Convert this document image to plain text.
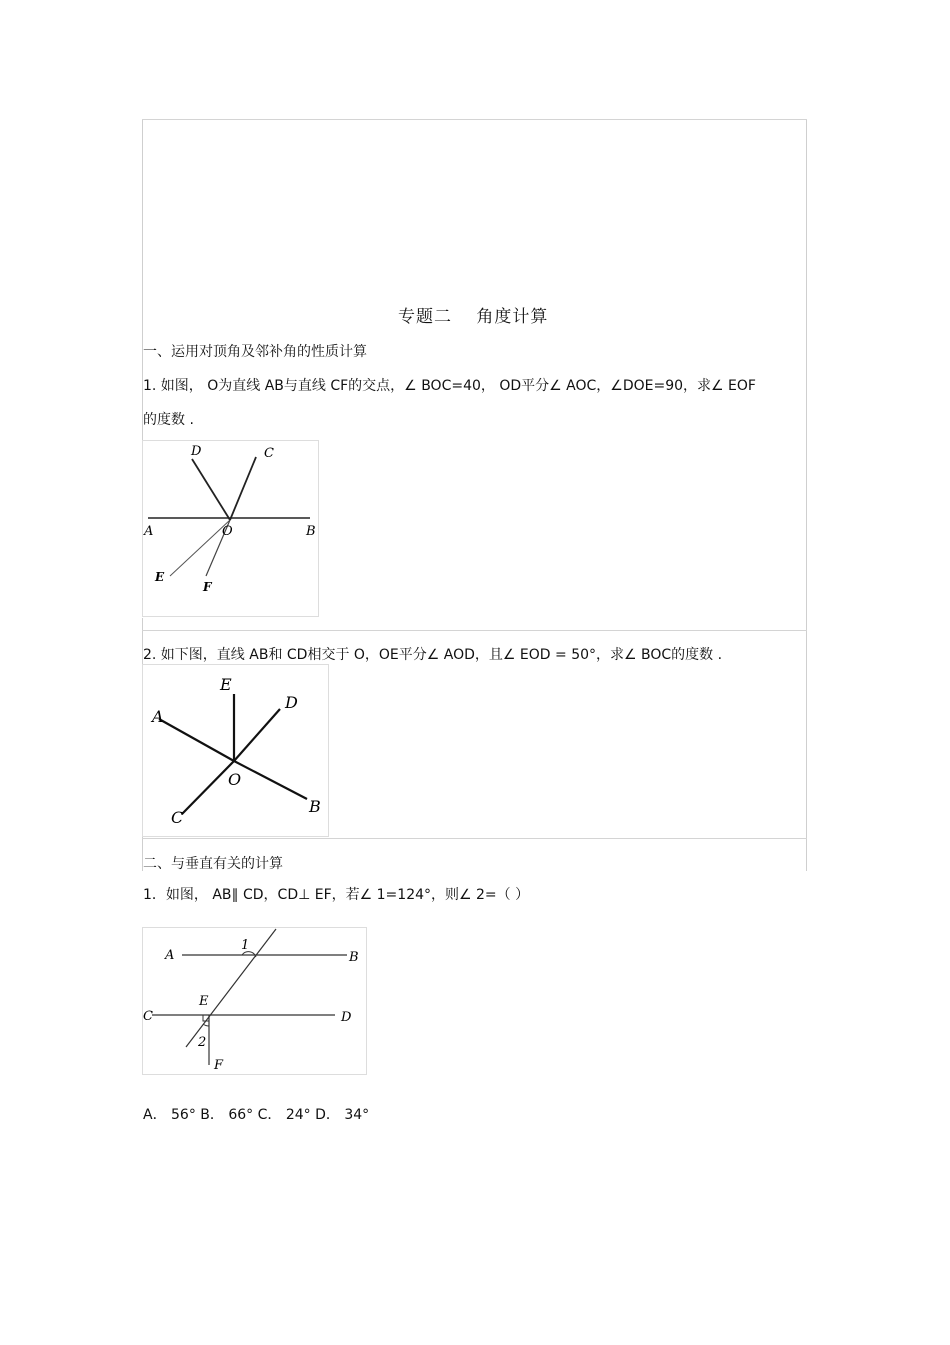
专题二　 角度计算
一、运用对顶角及邻补角的性质计算
1. 如图， O为直线 AB与直线 CF的交点，∠ BOC=40， OD平分∠ AOC，∠DOE=90，求∠ EOF
的度数 .
D	C
A	O	B
E
F
2. 如下图，直线 AB和 CD相交于 O，OE平分∠ AOD，且∠ EOD = 50°，求∠ BOC的度数 .
E
D
A
O
B
C
二、与垂直有关的计算
1．如图， AB∥ CD，CD⊥ EF，若∠ 1=124°，则∠ 2=（ ）
1
A	B
E
C	D
2
F
A． 56° B． 66° C． 24° D． 34°
